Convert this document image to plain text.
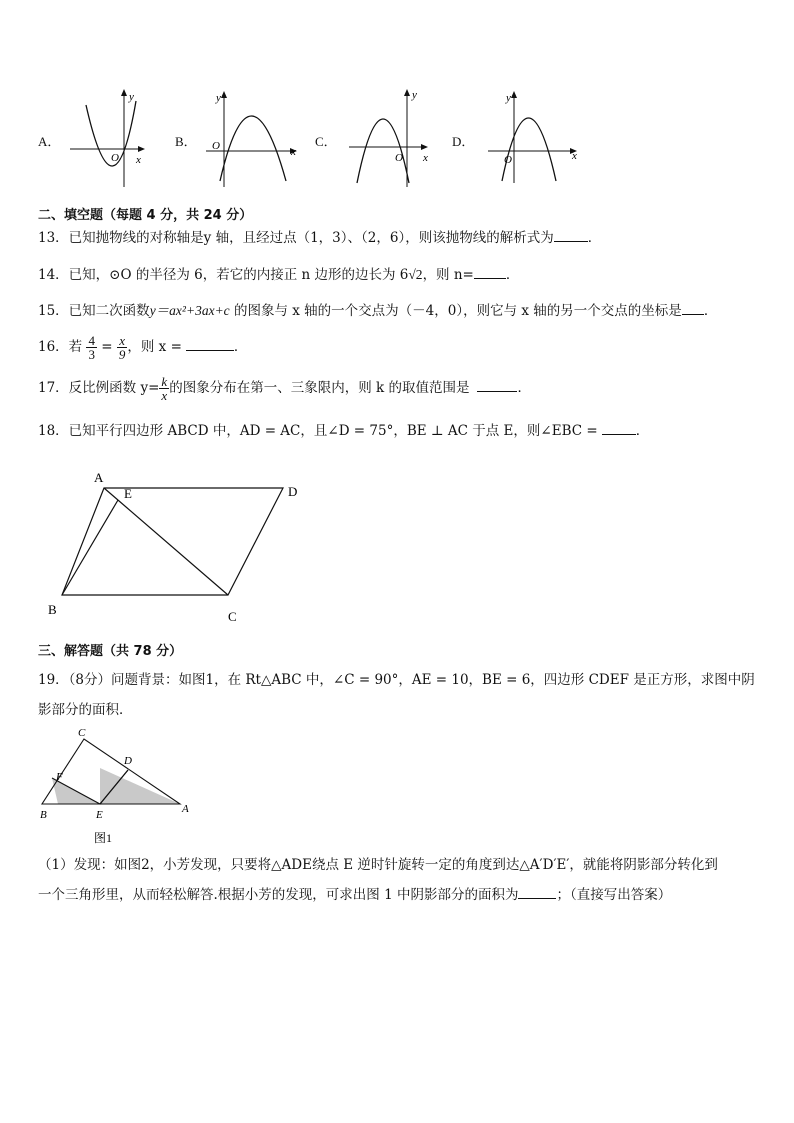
A．
y
x
O
B．
y
x
O	C．
y
x
O
D．
y
x
O
二、填空题（每题 4 分，共 24 分）
13．已知抛物线的对称轴是y 轴，且经过点（1，3）、（2，6），则该抛物线的解析式为	．
14．已知，⊙O 的半径为 6，若它的内接正 n 边形的边长为 6√2，则 n= ．
15．已知二次函数y＝ax²+3ax+c 的图象与 x 轴的一个交点为（－4，0），则它与 x 轴的另一个交点的坐标是 ．
16．若 $\frac{4}{3} = \frac{x}{9}$ ，则 x =	．
17．反比例函数 $y= \frac{k}{x}$ 的图象分布在第一、三象限内，则 k 的取值范围是	．
18．已知平行四边形 ABCD 中，AD = AC，且∠D = 75°，BE ⊥ AC 于点 E，则∠EBC =	．
A
E	D
B	C
三、解答题（共 78 分）
19．（8分）问题背景：如图1，在 Rt△ABC 中，∠C = 90°，AE = 10，BE = 6，四边形 CDEF 是正方形，求图中阴
影部分的面积．
C
D
F
B	E	A
图1
（1）发现：如图2，小芳发现，只要将△ADE绕点 E 逆时针旋转一定的角度到达△A′D′E′，就能将阴影部分转化到
一个三角形里，从而轻松解答.根据小芳的发现，可求出图 1 中阴影部分的面积为	；（直接写出答案）
